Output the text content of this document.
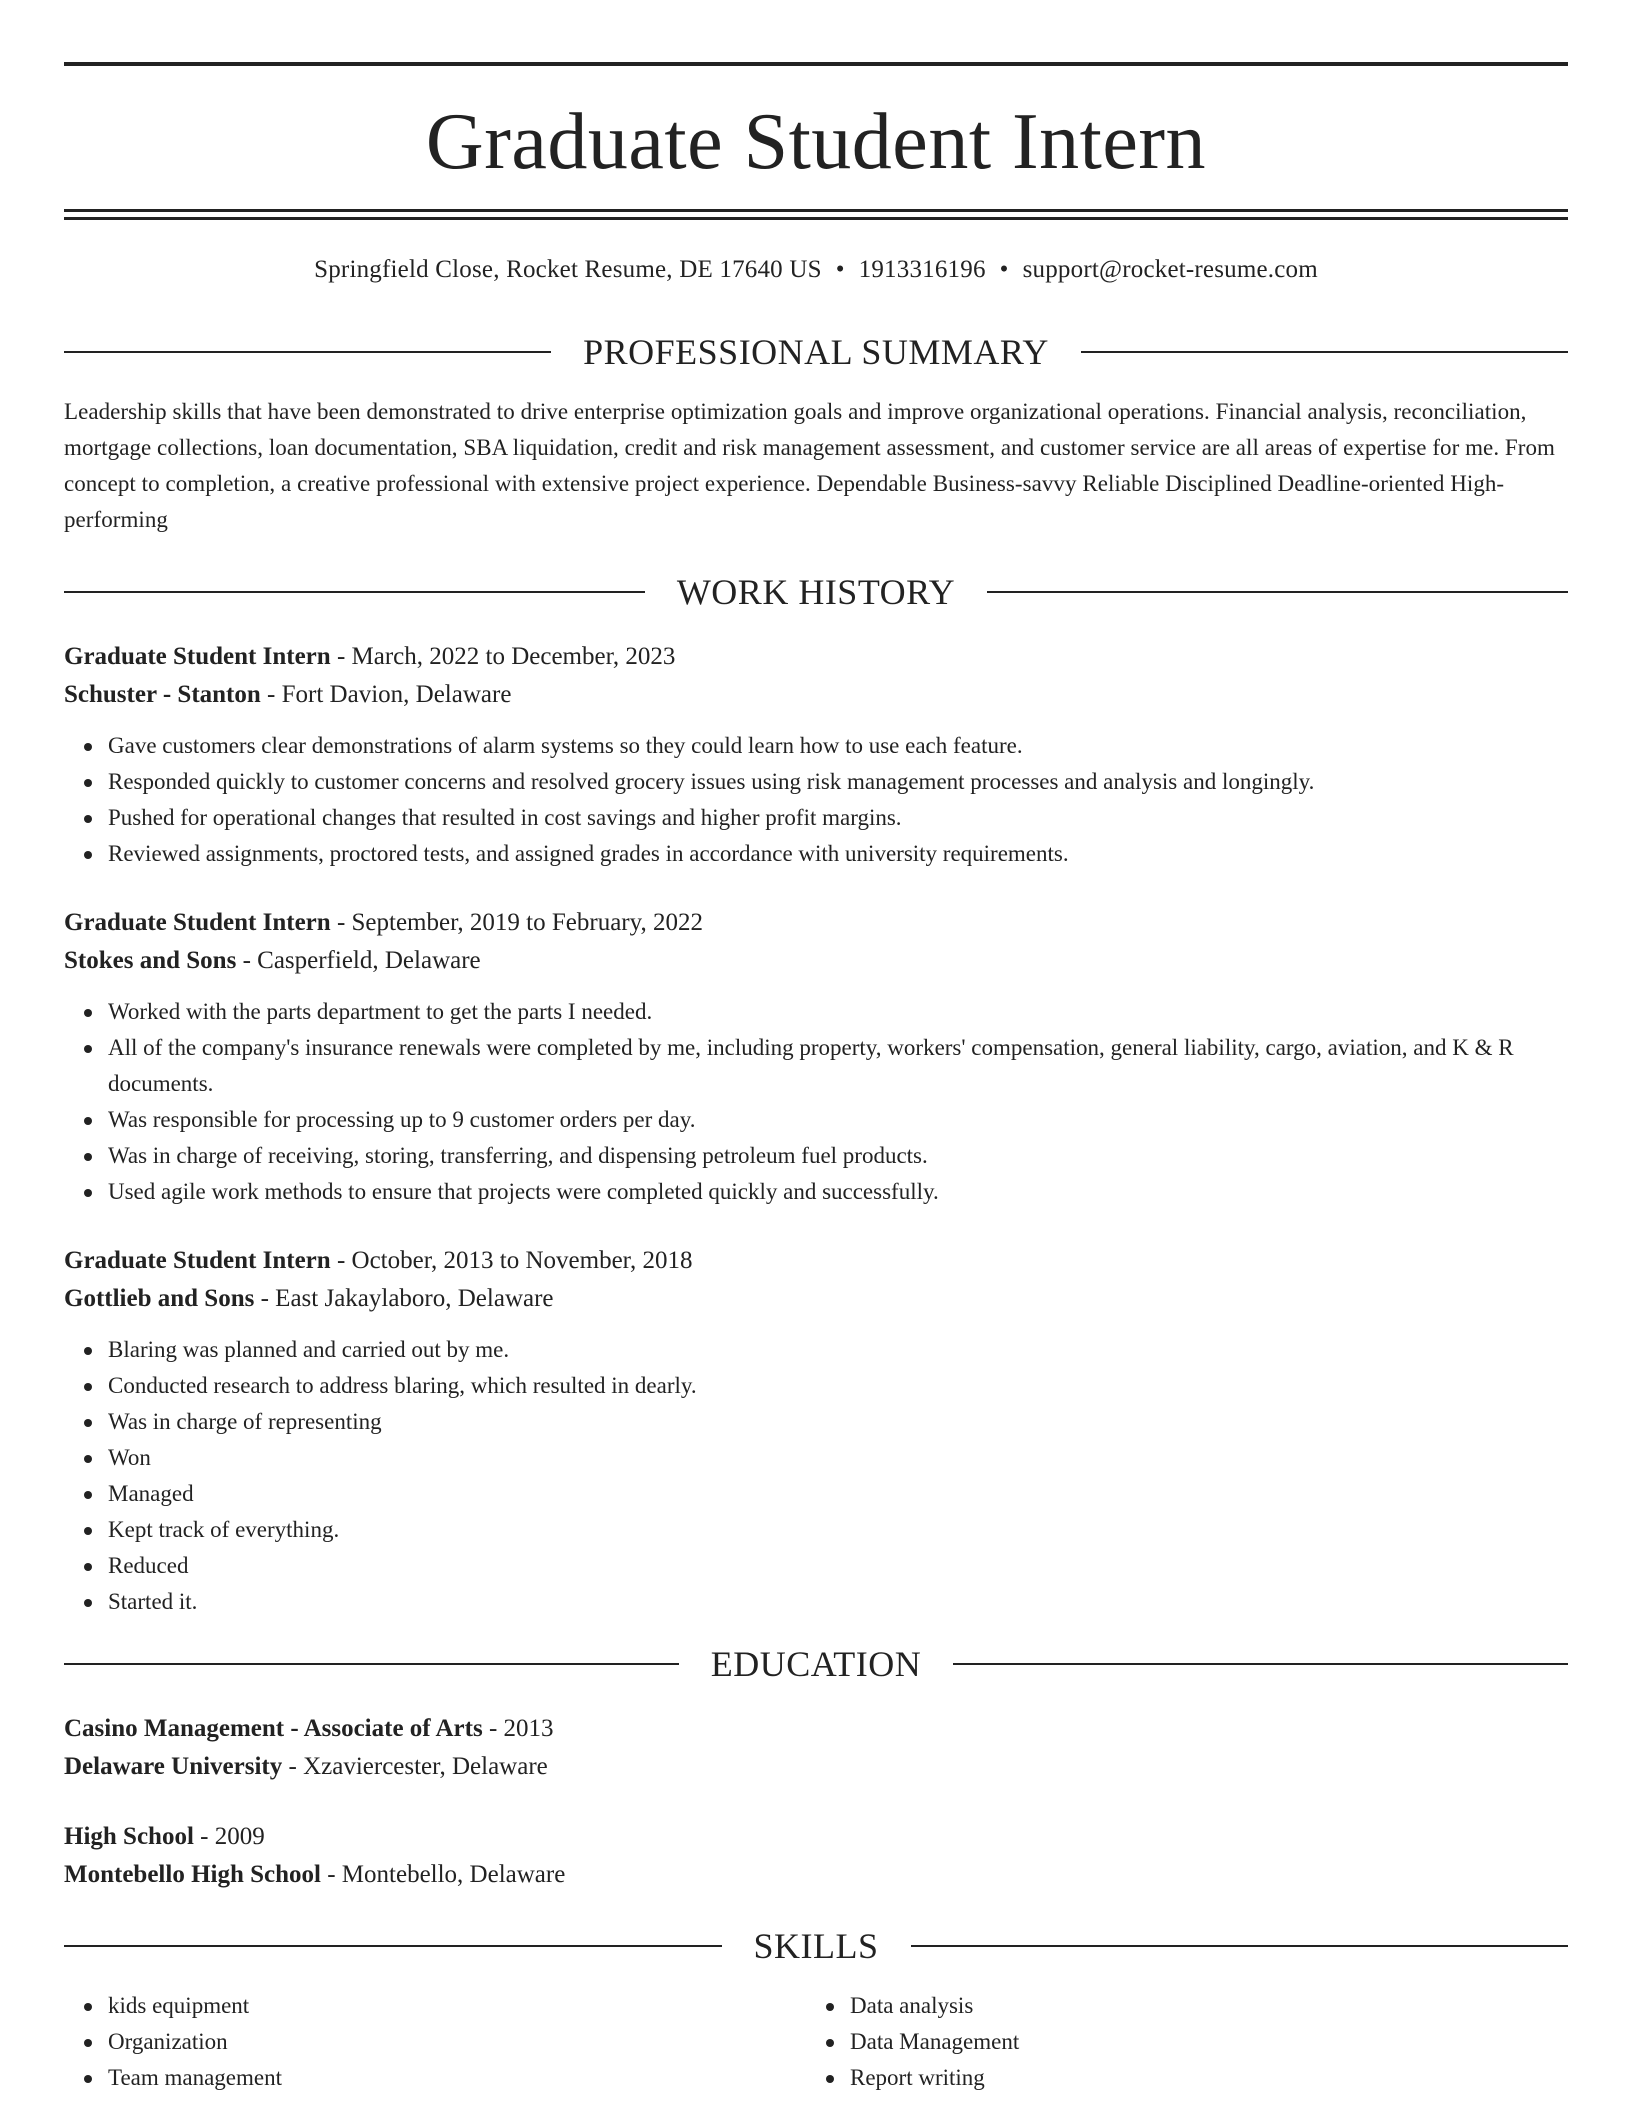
Graduate Student Intern
Springfield Close, Rocket Resume, DE 17640 US • 1913316196 • support@rocket-resume.com
PROFESSIONAL SUMMARY
Leadership skills that have been demonstrated to drive enterprise optimization goals and improve organizational operations. Financial analysis, reconciliation, mortgage collections, loan documentation, SBA liquidation, credit and risk management assessment, and customer service are all areas of expertise for me. From concept to completion, a creative professional with extensive project experience. Dependable Business-savvy Reliable Disciplined Deadline-oriented High-performing
WORK HISTORY
Graduate Student Intern - March, 2022 to December, 2023
Schuster - Stanton - Fort Davion, Delaware
Gave customers clear demonstrations of alarm systems so they could learn how to use each feature.
Responded quickly to customer concerns and resolved grocery issues using risk management processes and analysis and longingly.
Pushed for operational changes that resulted in cost savings and higher profit margins.
Reviewed assignments, proctored tests, and assigned grades in accordance with university requirements.
Graduate Student Intern - September, 2019 to February, 2022
Stokes and Sons - Casperfield, Delaware
Worked with the parts department to get the parts I needed.
All of the company's insurance renewals were completed by me, including property, workers' compensation, general liability, cargo, aviation, and K & R documents.
Was responsible for processing up to 9 customer orders per day.
Was in charge of receiving, storing, transferring, and dispensing petroleum fuel products.
Used agile work methods to ensure that projects were completed quickly and successfully.
Graduate Student Intern - October, 2013 to November, 2018
Gottlieb and Sons - East Jakaylaboro, Delaware
Blaring was planned and carried out by me.
Conducted research to address blaring, which resulted in dearly.
Was in charge of representing
Won
Managed
Kept track of everything.
Reduced
Started it.
EDUCATION
Casino Management - Associate of Arts - 2013
Delaware University - Xzaviercester, Delaware
High School - 2009
Montebello High School - Montebello, Delaware
SKILLS
kids equipment
Organization
Team management
Data analysis
Data Management
Report writing
